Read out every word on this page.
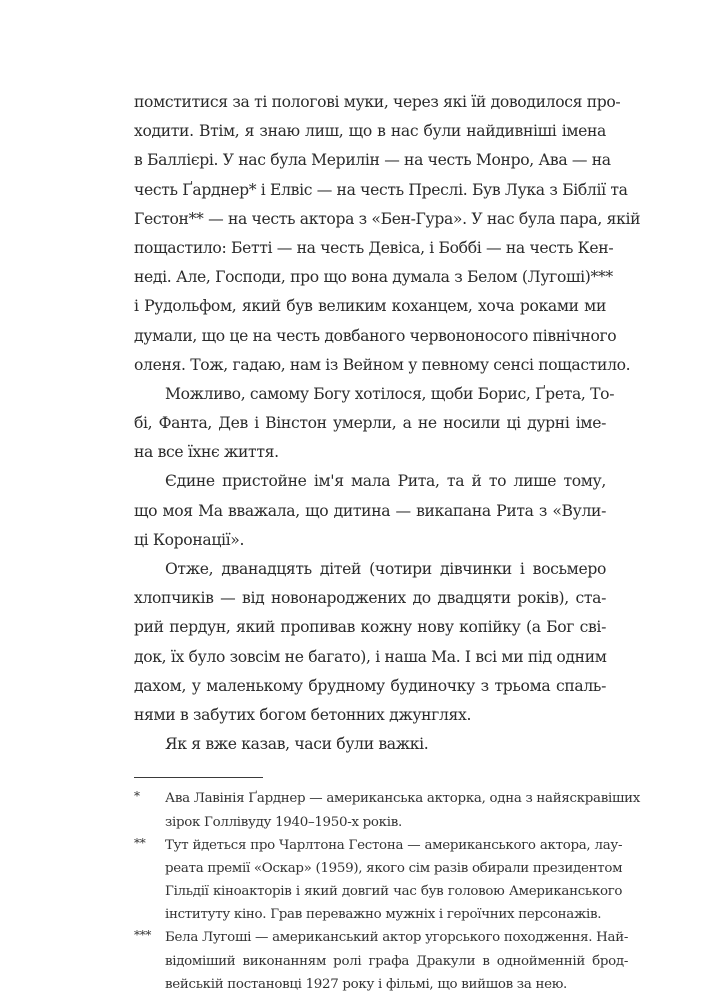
помститися за ті пологові муки, через які їй доводилося про-
ходити. Втім, я знаю лиш, що в нас були найдивніші імена
в Баллієрі. У нас була Мерилін — на честь Монро, Ава — на
честь Ґарднер* і Елвіс — на честь Преслі. Був Лука з Біблії та
Гестон** — на честь актора з «Бен-Гура». У нас була пара, якій
пощастило: Бетті — на честь Девіса, і Боббі — на честь Кен-
неді. Але, Господи, про що вона думала з Белом (Лугоші)***
і Рудольфом, який був великим коханцем, хоча роками ми
думали, що це на честь довбаного червононосого північного
оленя. Тож, гадаю, нам із Вейном у певному сенсі пощастило.

Можливо, самому Богу хотілося, щоби Борис, Ґрета, То-
бі, Фанта, Дев і Вінстон умерли, а не носили ці дурні іме-
на все їхнє життя.

Єдине пристойне ім'я мала Рита, та й то лише тому,
що моя Ма вважала, що дитина — викапана Рита з «Вули-
ці Коронації».

Отже, дванадцять дітей (чотири дівчинки і восьмеро
хлопчиків — від новонароджених до двадцяти років), ста-
рий пердун, який пропивав кожну нову копійку (а Бог сві-
док, їх було зовсім не багато), і наша Ма. І всі ми під одним
дахом, у маленькому брудному будиночку з трьома спаль-
нями в забутих богом бетонних джунглях.

Як я вже казав, часи були важкі.

*	Ава Лавінія Ґарднер — американська акторка, одна з найяскравіших
зірок Голлівуду 1940–1950-х років.
**	Тут йдеться про Чарлтона Гестона — американського актора, лау-
реата премії «Оскар» (1959), якого сім разів обирали президентом
Гільдії кіноакторів і який довгий час був головою Американського
інституту кіно. Грав переважно мужніх і героїчних персонажів.
***	Бела Лугоші — американський актор угорського походження. Най-
відоміший виконанням ролі графа Дракули в однойменній брод-
вейській постановці 1927 року і фільмі, що вийшов за нею.
